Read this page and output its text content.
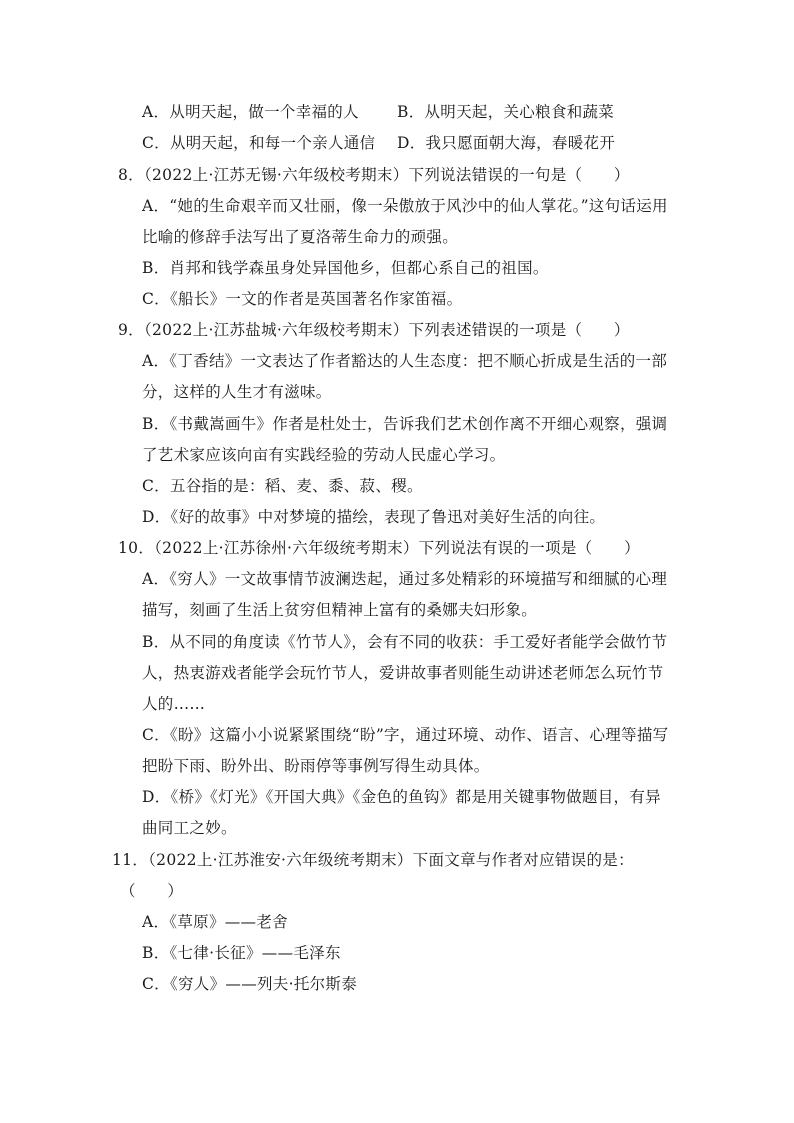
A．从明天起，做一个幸福的人 B．从明天起，关心粮食和蔬菜
C．从明天起，和每一个亲人通信 D．我只愿面朝大海，春暖花开
8．（2022上·江苏无锡·六年级校考期末）下列说法错误的一句是（　　）
A．“她的生命艰辛而又壮丽，像一朵傲放于风沙中的仙人掌花。”这句话运用
比喻的修辞手法写出了夏洛蒂生命力的顽强。
B．肖邦和钱学森虽身处异国他乡，但都心系自己的祖国。
C．《船长》一文的作者是英国著名作家笛福。
9．（2022上·江苏盐城·六年级校考期末）下列表述错误的一项是（　　）
A．《丁香结》一文表达了作者豁达的人生态度：把不顺心折成是生活的一部
分，这样的人生才有滋味。
B．《书戴嵩画牛》作者是杜处士，告诉我们艺术创作离不开细心观察，强调
了艺术家应该向亩有实践经验的劳动人民虚心学习。
C．五谷指的是：稻、麦、黍、菽、稷。
D．《好的故事》中对梦境的描绘，表现了鲁迅对美好生活的向往。
10．（2022上·江苏徐州·六年级统考期末）下列说法有误的一项是（　　）
A．《穷人》一文故事情节波澜迭起，通过多处精彩的环境描写和细腻的心理
描写，刻画了生活上贫穷但精神上富有的桑娜夫妇形象。
B．从不同的角度读《竹节人》，会有不同的收获：手工爱好者能学会做竹节
人，热衷游戏者能学会玩竹节人，爱讲故事者则能生动讲述老师怎么玩竹节
人的……
C．《盼》这篇小小说紧紧围绕“盼”字，通过环境、动作、语言、心理等描写
把盼下雨、盼外出、盼雨停等事例写得生动具体。
D．《桥》《灯光》《开国大典》《金色的鱼钩》都是用关键事物做题目，有异
曲同工之妙。
11．（2022上·江苏淮安·六年级统考期末）下面文章与作者对应错误的是：
（　　）
A．《草原》——老舍
B．《七律·长征》——毛泽东
C．《穷人》——列夫·托尔斯泰
